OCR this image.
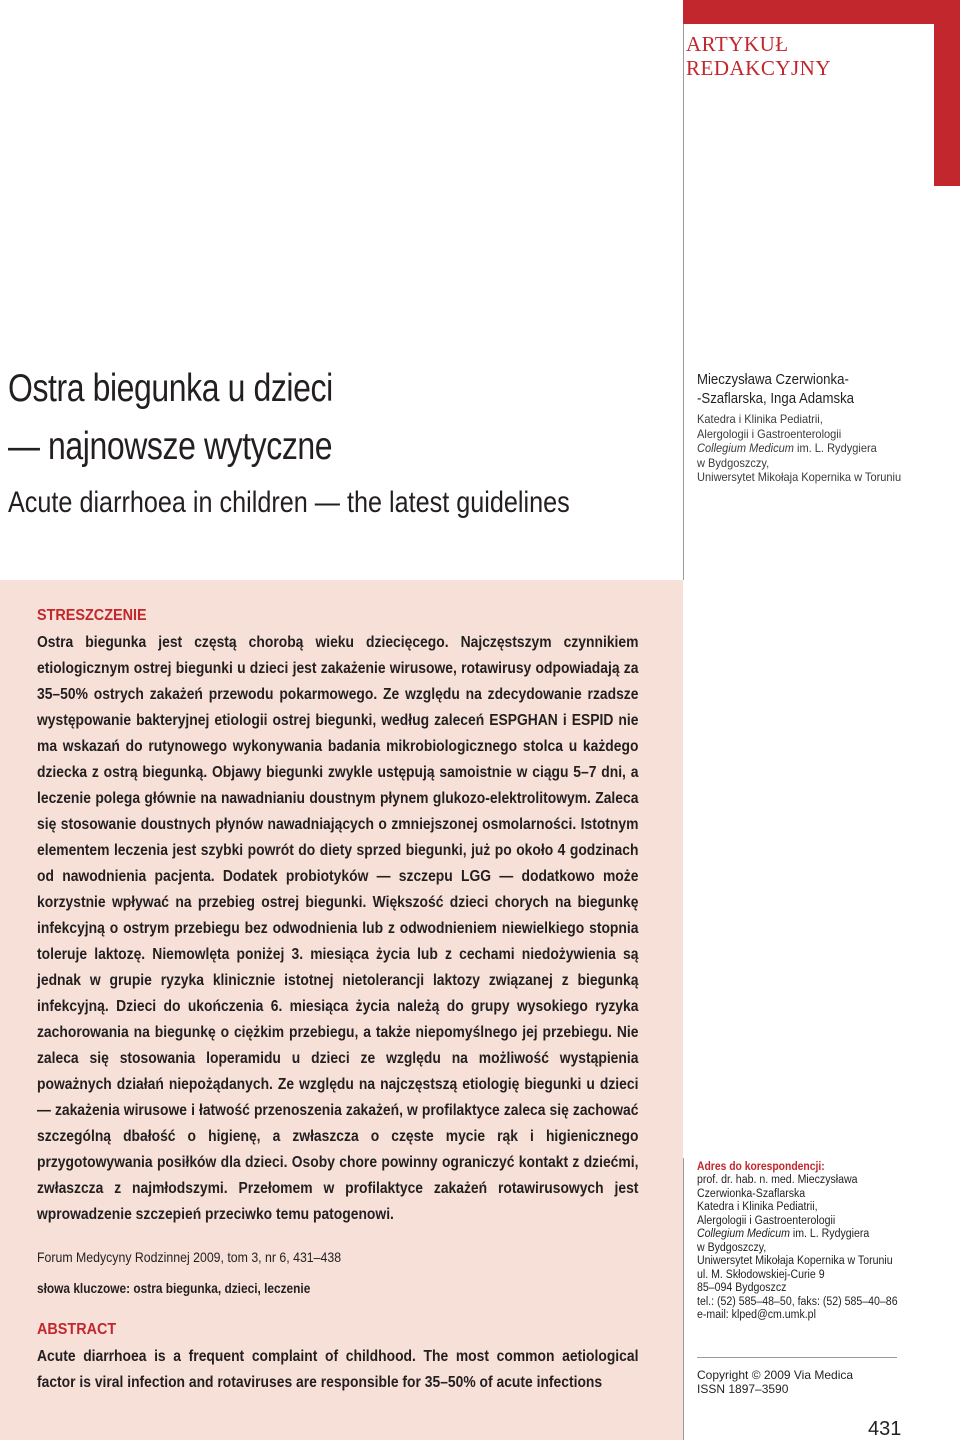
ARTYKUŁ
REDAKCYJNY
Ostra biegunka u dzieci
— najnowsze wytyczne
Acute diarrhoea in children — the latest guidelines
Mieczysława Czerwionka-
-Szaflarska, Inga Adamska
Katedra i Klinika Pediatrii,
Alergologii i Gastroenterologii
Collegium Medicum im. L. Rydygiera
w Bydgoszczy,
Uniwersytet Mikołaja Kopernika w Toruniu
STRESZCZENIE
Ostra biegunka jest częstą chorobą wieku dziecięcego. Najczęstszym czynnikiem etiologicznym ostrej biegunki u dzieci jest zakażenie wirusowe, rotawirusy odpowiadają za 35–50% ostrych zakażeń przewodu pokarmowego. Ze względu na zdecydowanie rzadsze występowanie bakteryjnej etiologii ostrej biegunki, według zaleceń ESPGHAN i ESPID nie ma wskazań do rutynowego wykonywania badania mikrobiologicznego stolca u każdego dziecka z ostrą biegunką. Objawy biegunki zwykle ustępują samoistnie w ciągu 5–7 dni, a leczenie polega głównie na nawadnianiu doustnym płynem glukozo-elektrolitowym. Zaleca się stosowanie doustnych płynów nawadniających o zmniejszonej osmolarności. Istotnym elementem leczenia jest szybki powrót do diety sprzed biegunki, już po około 4 godzinach od nawodnienia pacjenta. Dodatek probiotyków — szczepu LGG — dodatkowo może korzystnie wpływać na przebieg ostrej biegunki. Większość dzieci chorych na biegunkę infekcyjną o ostrym przebiegu bez odwodnienia lub z odwodnieniem niewielkiego stopnia toleruje laktozę. Niemowlęta poniżej 3. miesiąca życia lub z cechami niedożywienia są jednak w grupie ryzyka klinicznie istotnej nietolerancji laktozy związanej z biegunką infekcyjną. Dzieci do ukończenia 6. miesiąca życia należą do grupy wysokiego ryzyka zachorowania na biegunkę o ciężkim przebiegu, a także niepomyślnego jej przebiegu. Nie zaleca się stosowania loperamidu u dzieci ze względu na możliwość wystąpienia poważnych działań niepożądanych. Ze względu na najczęstszą etiologię biegunki u dzieci — zakażenia wirusowe i łatwość przenoszenia zakażeń, w profilaktyce zaleca się zachować szczególną dbałość o higienę, a zwłaszcza o częste mycie rąk i higienicznego przygotowywania posiłków dla dzieci. Osoby chore powinny ograniczyć kontakt z dziećmi, zwłaszcza z najmłodszymi. Przełomem w profilaktyce zakażeń rotawirusowych jest wprowadzenie szczepień przeciwko temu patogenowi.
Forum Medycyny Rodzinnej 2009, tom 3, nr 6, 431–438
słowa kluczowe: ostra biegunka, dzieci, leczenie
ABSTRACT
Acute diarrhoea is a frequent complaint of childhood. The most common aetiological factor is viral infection and rotaviruses are responsible for 35–50% of acute infections
Adres do korespondencji:
prof. dr. hab. n. med. Mieczysława
Czerwionka-Szaflarska
Katedra i Klinika Pediatrii,
Alergologii i Gastroenterologii
Collegium Medicum im. L. Rydygiera
w Bydgoszczy,
Uniwersytet Mikołaja Kopernika w Toruniu
ul. M. Skłodowskiej-Curie 9
85–094 Bydgoszcz
tel.: (52) 585–48–50, faks: (52) 585–40–86
e-mail: klped@cm.umk.pl
Copyright © 2009 Via Medica
ISSN 1897–3590
431
